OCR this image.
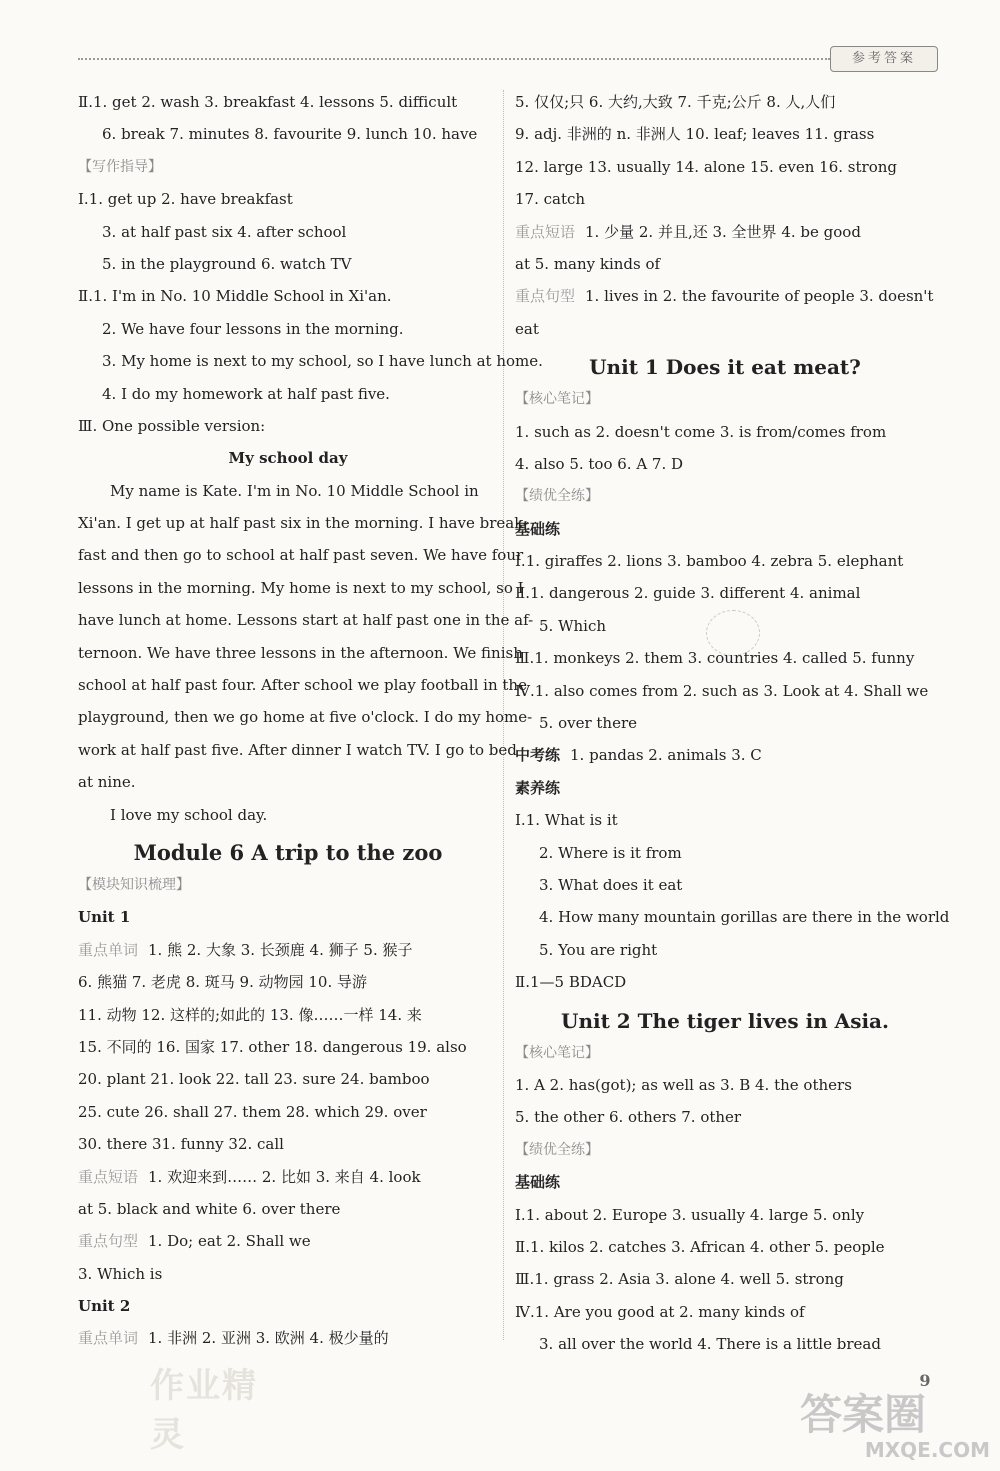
参考答案
Ⅱ.1. get 2. wash 3. breakfast 4. lessons 5. difficult
6. break 7. minutes 8. favourite 9. lunch 10. have
【写作指导】
Ⅰ.1. get up 2. have breakfast
3. at half past six 4. after school
5. in the playground 6. watch TV
Ⅱ.1. I'm in No. 10 Middle School in Xi'an.
2. We have four lessons in the morning.
3. My home is next to my school, so I have lunch at home.
4. I do my homework at half past five.
Ⅲ. One possible version:
My school day
My name is Kate. I'm in No. 10 Middle School in
Xi'an. I get up at half past six in the morning. I have break-
fast and then go to school at half past seven. We have four
lessons in the morning. My home is next to my school, so I
have lunch at home. Lessons start at half past one in the af-
ternoon. We have three lessons in the afternoon. We finish
school at half past four. After school we play football in the
playground, then we go home at five o'clock. I do my home-
work at half past five. After dinner I watch TV. I go to bed
at nine.
I love my school day.
Module 6 A trip to the zoo
【模块知识梳理】
Unit 1
重点单词 1. 熊 2. 大象 3. 长颈鹿 4. 狮子 5. 猴子
6. 熊猫 7. 老虎 8. 斑马 9. 动物园 10. 导游
11. 动物 12. 这样的;如此的 13. 像……一样 14. 来
15. 不同的 16. 国家 17. other 18. dangerous 19. also
20. plant 21. look 22. tall 23. sure 24. bamboo
25. cute 26. shall 27. them 28. which 29. over
30. there 31. funny 32. call
重点短语 1. 欢迎来到…… 2. 比如 3. 来自 4. look
at 5. black and white 6. over there
重点句型 1. Do; eat 2. Shall we
3. Which is
Unit 2
重点单词 1. 非洲 2. 亚洲 3. 欧洲 4. 极少量的
5. 仅仅;只 6. 大约,大致 7. 千克;公斤 8. 人,人们
9. adj. 非洲的 n. 非洲人 10. leaf; leaves 11. grass
12. large 13. usually 14. alone 15. even 16. strong
17. catch
重点短语 1. 少量 2. 并且,还 3. 全世界 4. be good
at 5. many kinds of
重点句型 1. lives in 2. the favourite of people 3. doesn't
eat
Unit 1 Does it eat meat?
【核心笔记】
1. such as 2. doesn't come 3. is from/comes from
4. also 5. too 6. A 7. D
【绩优全练】
基础练
Ⅰ.1. giraffes 2. lions 3. bamboo 4. zebra 5. elephant
Ⅱ.1. dangerous 2. guide 3. different 4. animal
5. Which
Ⅲ.1. monkeys 2. them 3. countries 4. called 5. funny
Ⅳ.1. also comes from 2. such as 3. Look at 4. Shall we
5. over there
中考练 1. pandas 2. animals 3. C
素养练
Ⅰ.1. What is it
2. Where is it from
3. What does it eat
4. How many mountain gorillas are there in the world
5. You are right
Ⅱ.1—5 BDACD
Unit 2 The tiger lives in Asia.
【核心笔记】
1. A 2. has(got); as well as 3. B 4. the others
5. the other 6. others 7. other
【绩优全练】
基础练
Ⅰ.1. about 2. Europe 3. usually 4. large 5. only
Ⅱ.1. kilos 2. catches 3. African 4. other 5. people
Ⅲ.1. grass 2. Asia 3. alone 4. well 5. strong
Ⅳ.1. Are you good at 2. many kinds of
3. all over the world 4. There is a little bread
9
作业精灵	答案圈
MXQE.COM
